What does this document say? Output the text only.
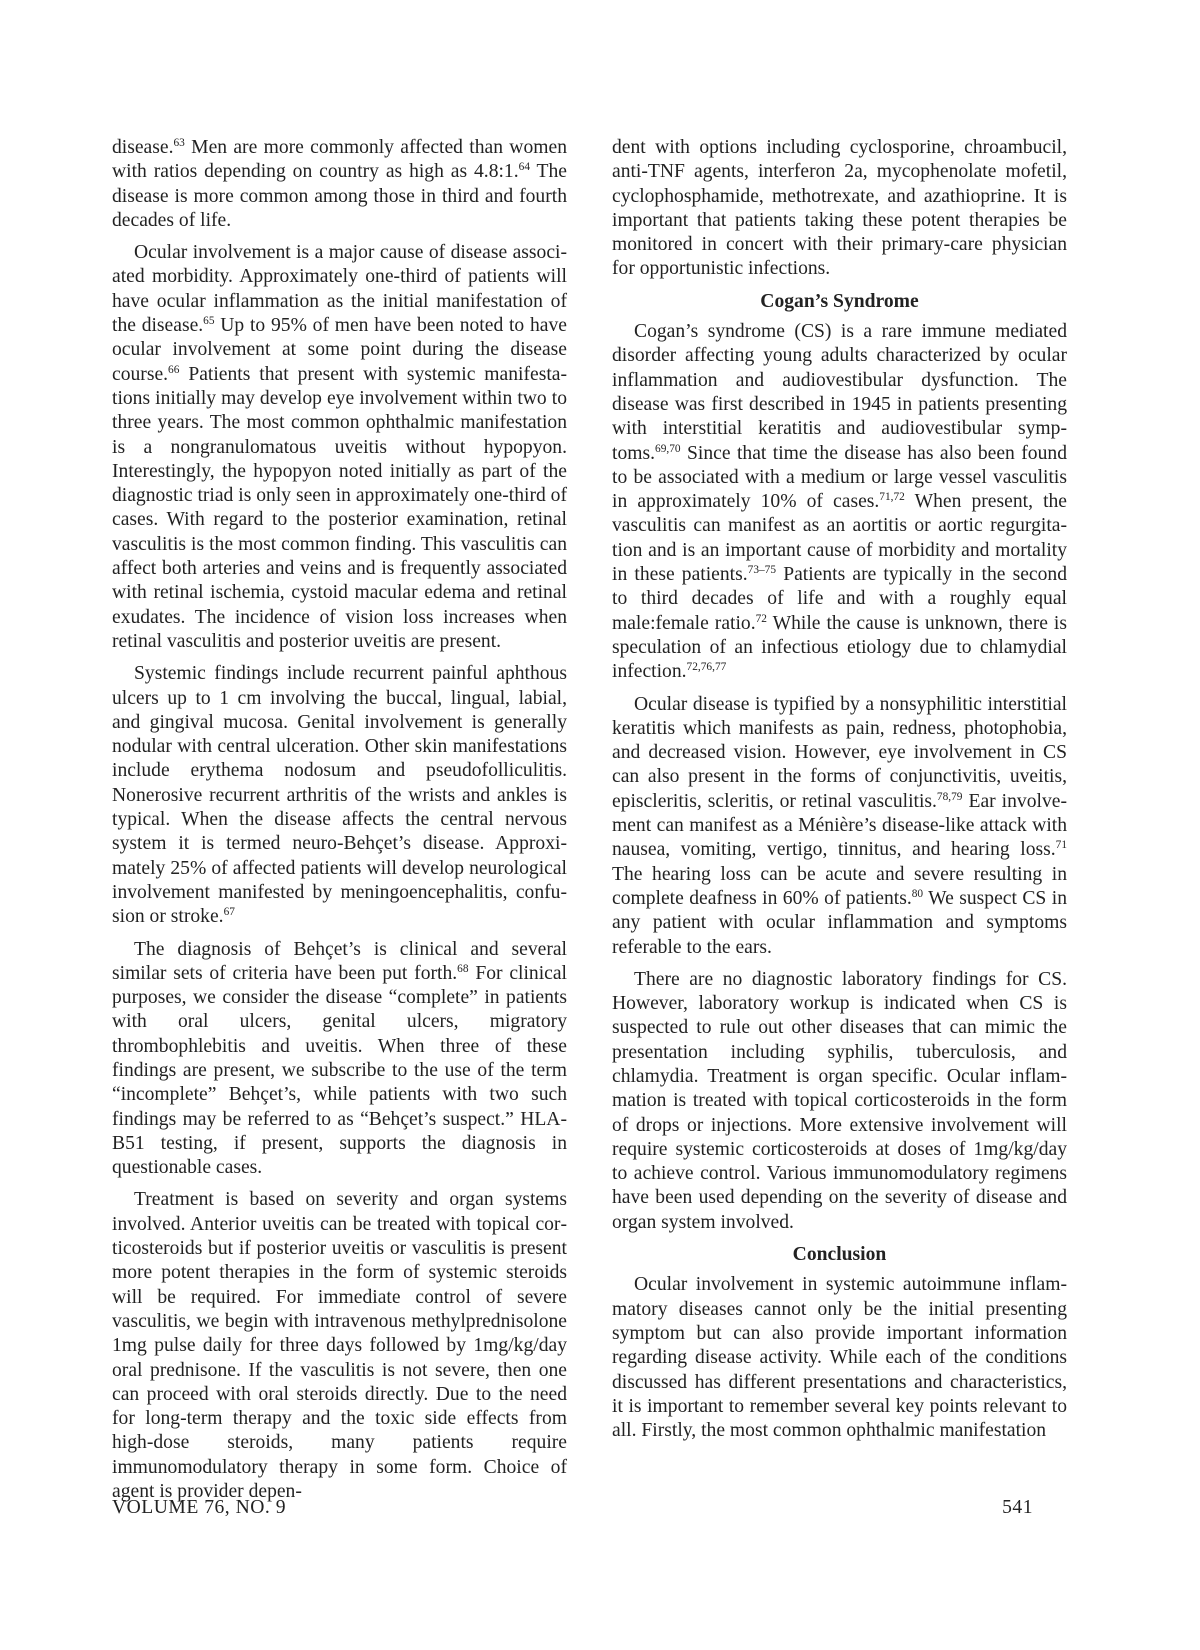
disease.$^{63}$ Men are more commonly affected than women with ratios depending on country as high as 4.8:1.64 The disease is more common among those in third and fourth decades of life.

Ocular involvement is a major cause of disease associated morbidity. Approximately one-third of patients will have ocular inflammation as the initial manifestation of the disease.$^{65}$ Up to 95% of men have been noted to have ocular involvement at some point during the disease course.$^{66}$ Patients that present with systemic manifestations initially may develop eye involvement within two to three years. The most common ophthalmic manifestation is a nongranulomatous uveitis without hypopyon. Interestingly, the hypopyon noted initially as part of the diagnostic triad is only seen in approximately one-third of cases. With regard to the posterior examination, retinal vasculitis is the most common finding. This vasculitis can affect both arteries and veins and is frequently associated with retinal ischemia, cystoid macular edema and retinal exudates. The incidence of vision loss increases when retinal vasculitis and posterior uveitis are present.

Systemic findings include recurrent painful aphthous ulcers up to 1 cm involving the buccal, lingual, labial, and gingival mucosa. Genital involvement is generally nodular with central ulceration. Other skin manifestations include erythema nodosum and pseudofolliculitis. Nonerosive recurrent arthritis of the wrists and ankles is typical. When the disease affects the central nervous system it is termed neuro-Behçet’s disease. Approximately 25% of affected patients will develop neurological involvement manifested by meningoencephalitis, confusion or stroke.$^{67}$

The diagnosis of Behçet’s is clinical and several similar sets of criteria have been put forth.$^{68}$ For clinical purposes, we consider the disease “complete” in patients with oral ulcers, genital ulcers, migratory thrombophlebitis and uveitis. When three of these findings are present, we subscribe to the use of the term “incomplete” Behçet’s, while patients with two such findings may be referred to as “Behçet’s suspect.” HLA-B51 testing, if present, supports the diagnosis in questionable cases.

Treatment is based on severity and organ systems involved. Anterior uveitis can be treated with topical corticosteroids but if posterior uveitis or vasculitis is present more potent therapies in the form of systemic steroids will be required. For immediate control of severe vasculitis, we begin with intravenous methylprednisolone 1mg pulse daily for three days followed by 1mg/kg/day oral prednisone. If the vasculitis is not severe, then one can proceed with oral steroids directly. Due to the need for long-term therapy and the toxic side effects from high-dose steroids, many patients require immunomodulatory therapy in some form. Choice of agent is provider depen-

dent with options including cyclosporine, chroambucil, anti-TNF agents, interferon 2a, mycophenolate mofetil, cyclophosphamide, methotrexate, and azathioprine. It is important that patients taking these potent therapies be monitored in concert with their primary-care physician for opportunistic infections.

Cogan’s Syndrome

Cogan’s syndrome (CS) is a rare immune mediated disorder affecting young adults characterized by ocular inflammation and audiovestibular dysfunction. The disease was first described in 1945 in patients presenting with interstitial keratitis and audiovestibular symptoms.$^{69,70}$ Since that time the disease has also been found to be associated with a medium or large vessel vasculitis in approximately 10% of cases.$^{71,72}$ When present, the vasculitis can manifest as an aortitis or aortic regurgitation and is an important cause of morbidity and mortality in these patients.$^{73-75}$ Patients are typically in the second to third decades of life and with a roughly equal male:female ratio.$^{72}$ While the cause is unknown, there is speculation of an infectious etiology due to chlamydial infection.$^{72,76,77}$

Ocular disease is typified by a nonsyphilitic interstitial keratitis which manifests as pain, redness, photophobia, and decreased vision. However, eye involvement in CS can also present in the forms of conjunctivitis, uveitis, episcleritis, scleritis, or retinal vasculitis.$^{78,79}$ Ear involvement can manifest as a Ménière’s disease-like attack with nausea, vomiting, vertigo, tinnitus, and hearing loss.$^{71}$ The hearing loss can be acute and severe resulting in complete deafness in 60% of patients.$^{80}$ We suspect CS in any patient with ocular inflammation and symptoms referable to the ears.

There are no diagnostic laboratory findings for CS. However, laboratory workup is indicated when CS is suspected to rule out other diseases that can mimic the presentation including syphilis, tuberculosis, and chlamydia. Treatment is organ specific. Ocular inflammation is treated with topical corticosteroids in the form of drops or injections. More extensive involvement will require systemic corticosteroids at doses of 1mg/kg/day to achieve control. Various immunomodulatory regimens have been used depending on the severity of disease and organ system involved.

Conclusion

Ocular involvement in systemic autoimmune inflammatory diseases cannot only be the initial presenting symptom but can also provide important information regarding disease activity. While each of the conditions discussed has different presentations and characteristics, it is important to remember several key points relevant to all. Firstly, the most common ophthalmic manifestation

VOLUME 76, NO. 9	541
